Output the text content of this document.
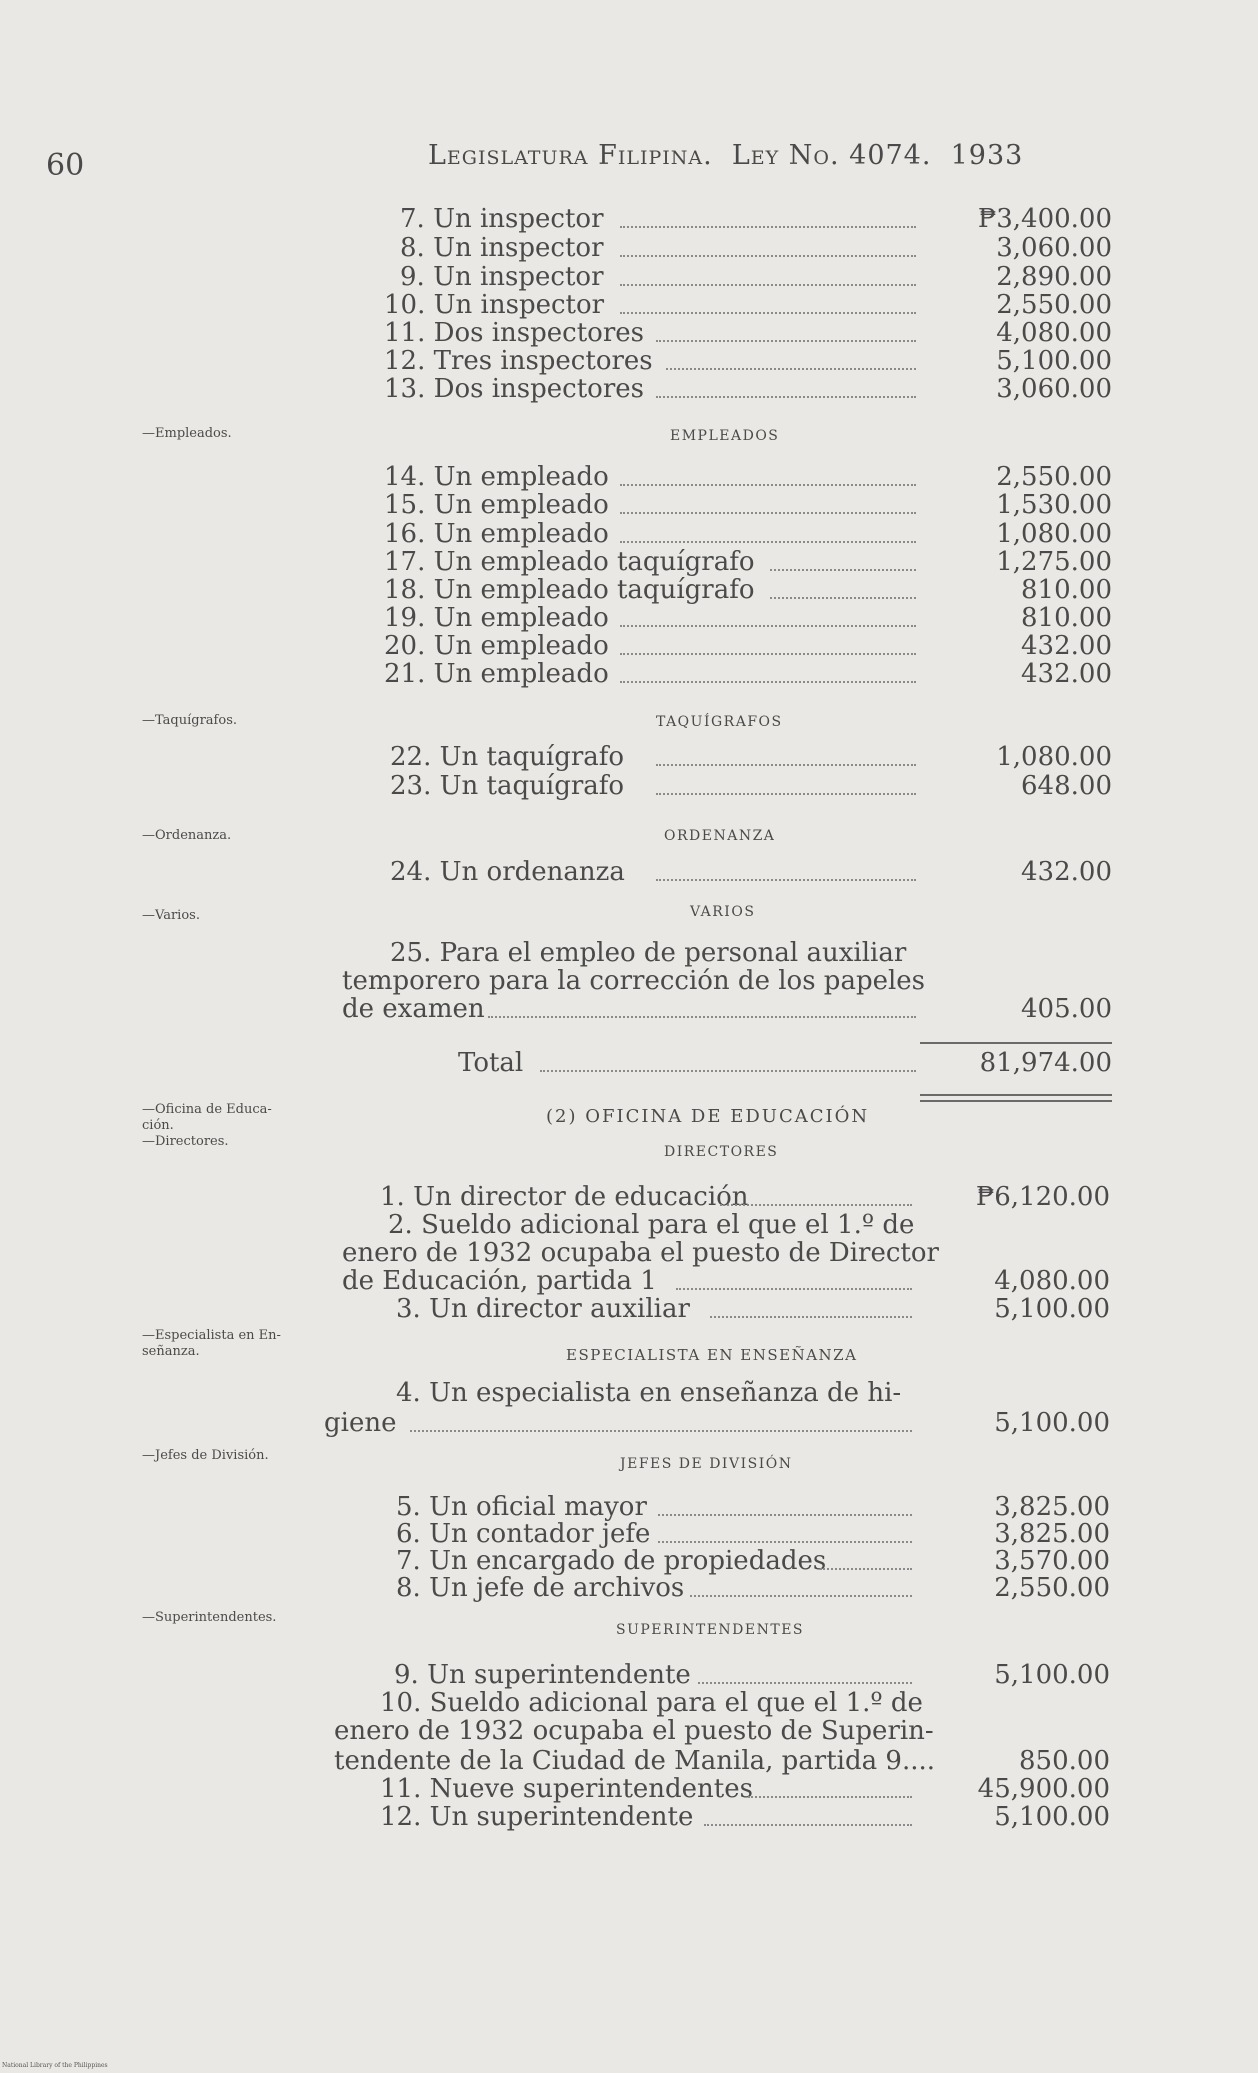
60	Legislatura Filipina. Ley No. 4074. 1933
7. Un inspector	₱3,400.00
8. Un inspector	3,060.00
9. Un inspector	2,890.00
10. Un inspector	2,550.00
11. Dos inspectores	4,080.00
12. Tres inspectores	5,100.00
13. Dos inspectores	3,060.00
—Empleados.	EMPLEADOS
14. Un empleado	2,550.00
15. Un empleado	1,530.00
16. Un empleado	1,080.00
17. Un empleado taquígrafo	1,275.00
18. Un empleado taquígrafo	810.00
19. Un empleado	810.00
20. Un empleado	432.00
21. Un empleado	432.00
—Taquígrafos.	TAQUÍGRAFOS
22. Un taquígrafo	1,080.00
23. Un taquígrafo	648.00
—Ordenanza.	ORDENANZA
24. Un ordenanza	432.00
—Varios.	VARIOS
25. Para el empleo de personal auxiliar
temporero para la corrección de los papeles
de examen	405.00
Total	81,974.00
—Oficina de Educa-
ción.
—Directores.
(2) OFICINA DE EDUCACIÓN
DIRECTORES
1. Un director de educación	₱6,120.00
2. Sueldo adicional para el que el 1.º de
enero de 1932 ocupaba el puesto de Director
de Educación, partida 1	4,080.00
3. Un director auxiliar	5,100.00
—Especialista en En-
señanza.	ESPECIALISTA EN ENSEÑANZA
4. Un especialista en enseñanza de hi-
giene	5,100.00
—Jefes de División.
JEFES DE DIVISIÓN
5. Un oficial mayor	3,825.00
6. Un contador jefe	3,825.00
7. Un encargado de propiedades	3,570.00
8. Un jefe de archivos	2,550.00
—Superintendentes.
SUPERINTENDENTES
9. Un superintendente	5,100.00
10. Sueldo adicional para el que el 1.º de
enero de 1932 ocupaba el puesto de Superin-
tendente de la Ciudad de Manila, partida 9....	850.00
11. Nueve superintendentes	45,900.00
12. Un superintendente	5,100.00
National Library of the Philippines
